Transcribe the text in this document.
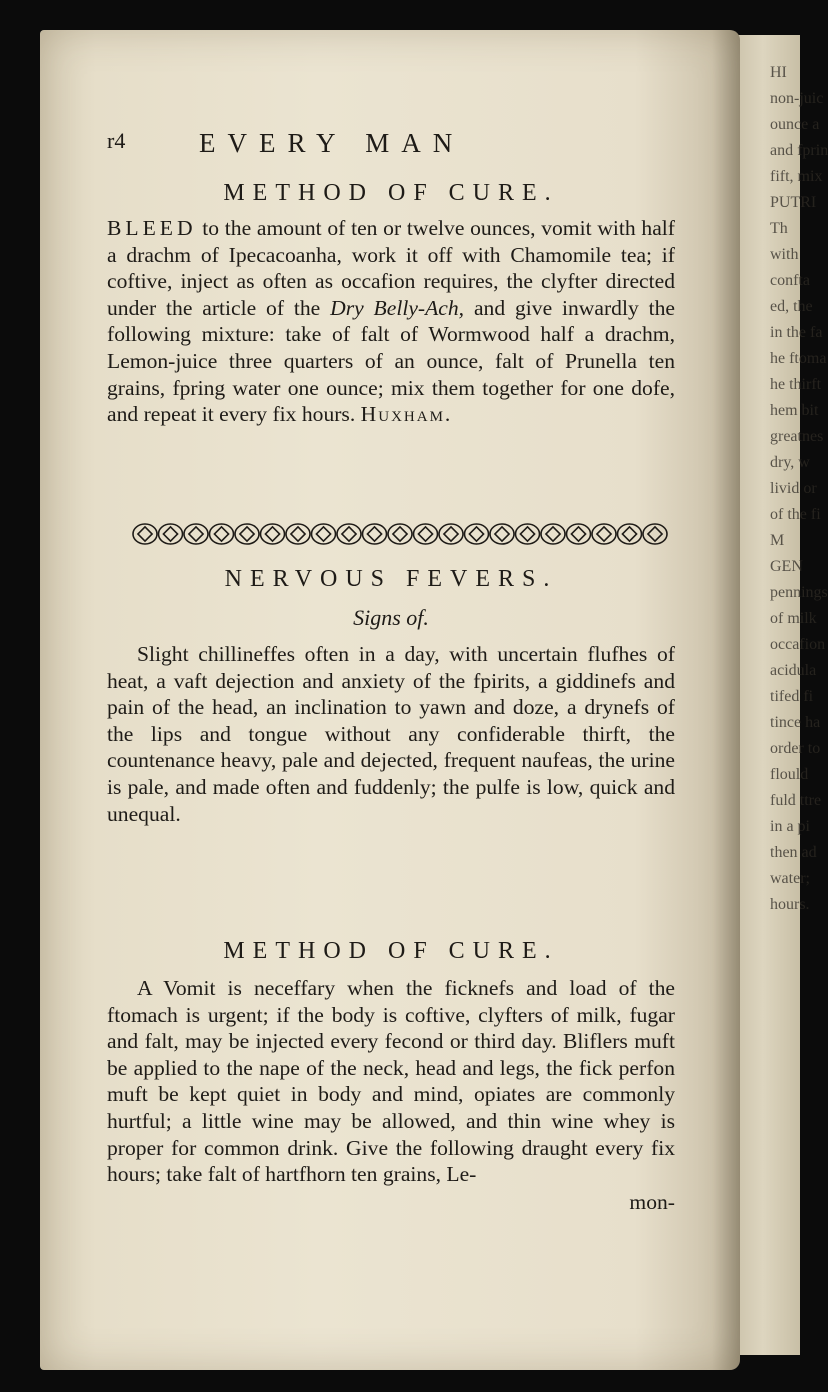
HI
non-juic
ounce a
and fprin
fift, mix
PUTRI
Th
with
confta
ed, the
in the fa
he ftoma
he thirft
hem bit
greatnes
dry, w
livid or
of the fi
M
GEN
pennings
of milk
occafion
acidula
tifed fi
tince ha
order to
flould
fuld ttre
in a pi
then ad
water;
hours.
r4	EVERY MAN
METHOD OF CURE.

BLEED to the amount of ten or twelve ounces, vomit with half a drachm of Ipecacoanha, work it off with Chamomile tea; if coftive, inject as often as occafion requires, the clyfter directed under the article of the Dry Belly-Ach, and give inwardly the following mixture: take of falt of Wormwood half a drachm, Lemon-juice three quarters of an ounce, falt of Prunella ten grains, fpring water one ounce; mix them together for one dofe, and repeat it every fix hours. Huxham.

NERVOUS FEVERS.
Signs of.

Slight chillineffes often in a day, with uncertain flufhes of heat, a vaft dejection and anxiety of the fpirits, a giddinefs and pain of the head, an inclination to yawn and doze, a drynefs of the lips and tongue without any confiderable thirft, the countenance heavy, pale and dejected, frequent naufeas, the urine is pale, and made often and fuddenly; the pulfe is low, quick and unequal.

METHOD OF CURE.

A Vomit is neceffary when the ficknefs and load of the ftomach is urgent; if the body is coftive, clyfters of milk, fugar and falt, may be injected every fecond or third day. Bliflers muft be applied to the nape of the neck, head and legs, the fick perfon muft be kept quiet in body and mind, opiates are commonly hurtful; a little wine may be allowed, and thin wine whey is proper for common drink. Give the following draught every fix hours; take falt of hartfhorn ten grains, Le-

mon-
